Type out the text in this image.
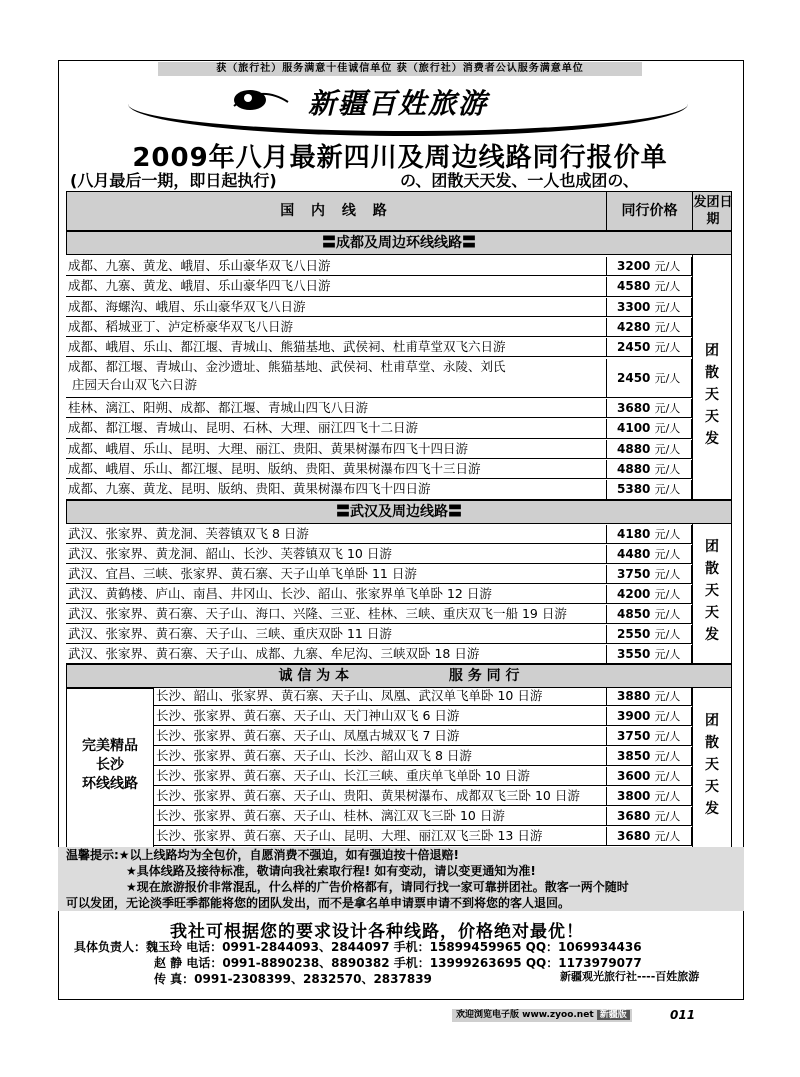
获（旅行社）服务满意十佳诚信单位 获（旅行社）消费者公认服务满意单位
新疆百姓旅游
2009年八月最新四川及周边线路同行报价单
(八月最后一期，即日起执行)	の、团散天天发、一人也成团の、
国 内 线 路	同行价格
发团日期
〓成都及周边环线线路〓
成都、九寨、黄龙、峨眉、乐山豪华双飞八日游	3200 元/人
成都、九寨、黄龙、峨眉、乐山豪华四飞八日游	4580 元/人
成都、海螺沟、峨眉、乐山豪华双飞八日游	3300 元/人
成都、稻城亚丁、泸定桥豪华双飞八日游	4280 元/人
成都、峨眉、乐山、都江堰、青城山、熊猫基地、武侯祠、杜甫草堂双飞六日游	2450 元/人
成都、都江堰、青城山、金沙遗址、熊猫基地、武侯祠、杜甫草堂、永陵、刘氏
庄园天台山双飞六日游	2450 元/人
桂林、漓江、阳朔、成都、都江堰、青城山四飞八日游	3680 元/人
成都、都江堰、青城山、昆明、石林、大理、丽江四飞十二日游	4100 元/人
成都、峨眉、乐山、昆明、大理、丽江、贵阳、黄果树瀑布四飞十四日游	4880 元/人
成都、峨眉、乐山、都江堰、昆明、版纳、贵阳、黄果树瀑布四飞十三日游	4880 元/人
成都、九寨、黄龙、昆明、版纳、贵阳、黄果树瀑布四飞十四日游	5380 元/人
团
散
天
天
发
〓武汉及周边线路〓
武汉、张家界、黄龙洞、芙蓉镇双飞 8 日游	4180 元/人
武汉、张家界、黄龙洞、韶山、长沙、芙蓉镇双飞 10 日游	4480 元/人
武汉、宜昌、三峡、张家界、黄石寨、天子山单飞单卧 11 日游	3750 元/人
武汉、黄鹤楼、庐山、南昌、井冈山、长沙、韶山、张家界单飞单卧 12 日游	4200 元/人
武汉、张家界、黄石寨、天子山、海口、兴隆、三亚、桂林、三峡、重庆双飞一船 19 日游	4850 元/人
武汉、张家界、黄石寨、天子山、三峡、重庆双卧 11 日游	2550 元/人
武汉、张家界、黄石寨、天子山、成都、九寨、牟尼沟、三峡双卧 18 日游	3550 元/人
团
散
天
天
发
诚 信 为 本	服 务 同 行
完美精品
长沙
环线线路
长沙、韶山、张家界、黄石寨、天子山、凤凰、武汉单飞单卧 10 日游	3880 元/人
长沙、张家界、黄石寨、天子山、天门神山双飞 6 日游	3900 元/人
长沙、张家界、黄石寨、天子山、凤凰古城双飞 7 日游	3750 元/人
长沙、张家界、黄石寨、天子山、长沙、韶山双飞 8 日游	3850 元/人
长沙、张家界、黄石寨、天子山、长江三峡、重庆单飞单卧 10 日游	3600 元/人
长沙、张家界、黄石寨、天子山、贵阳、黄果树瀑布、成都双飞三卧 10 日游	3800 元/人
长沙、张家界、黄石寨、天子山、桂林、漓江双飞三卧 10 日游	3680 元/人
长沙、张家界、黄石寨、天子山、昆明、大理、丽江双飞三卧 13 日游	3680 元/人
团
散
天
天
发

温馨提示:★以上线路均为全包价，自愿消费不强迫，如有强迫按十倍退赔!

★具体线路及接待标准，敬请向我社索取行程! 如有变动，请以变更通知为准!

★现在旅游报价非常混乱，什么样的广告价格都有，请同行找一家可靠拼团社。散客一两个随时

可以发团，无论淡季旺季都能将您的团队发出，而不是拿名单申请票申请不到将您的客人退回。

我社可根据您的要求设计各种线路，价格绝对最优！
具体负责人：魏玉玲 电话：0991-2844093、2844097 手机：15899459965 QQ：1069934436
赵 静 电话：0991-8890238、8890382 手机：13999263695 QQ：1173979077
传 真：0991-2308399、2832570、2837839	新疆观光旅行社----百姓旅游
欢迎浏览电子版 www.zyoo.net 新疆版	011
